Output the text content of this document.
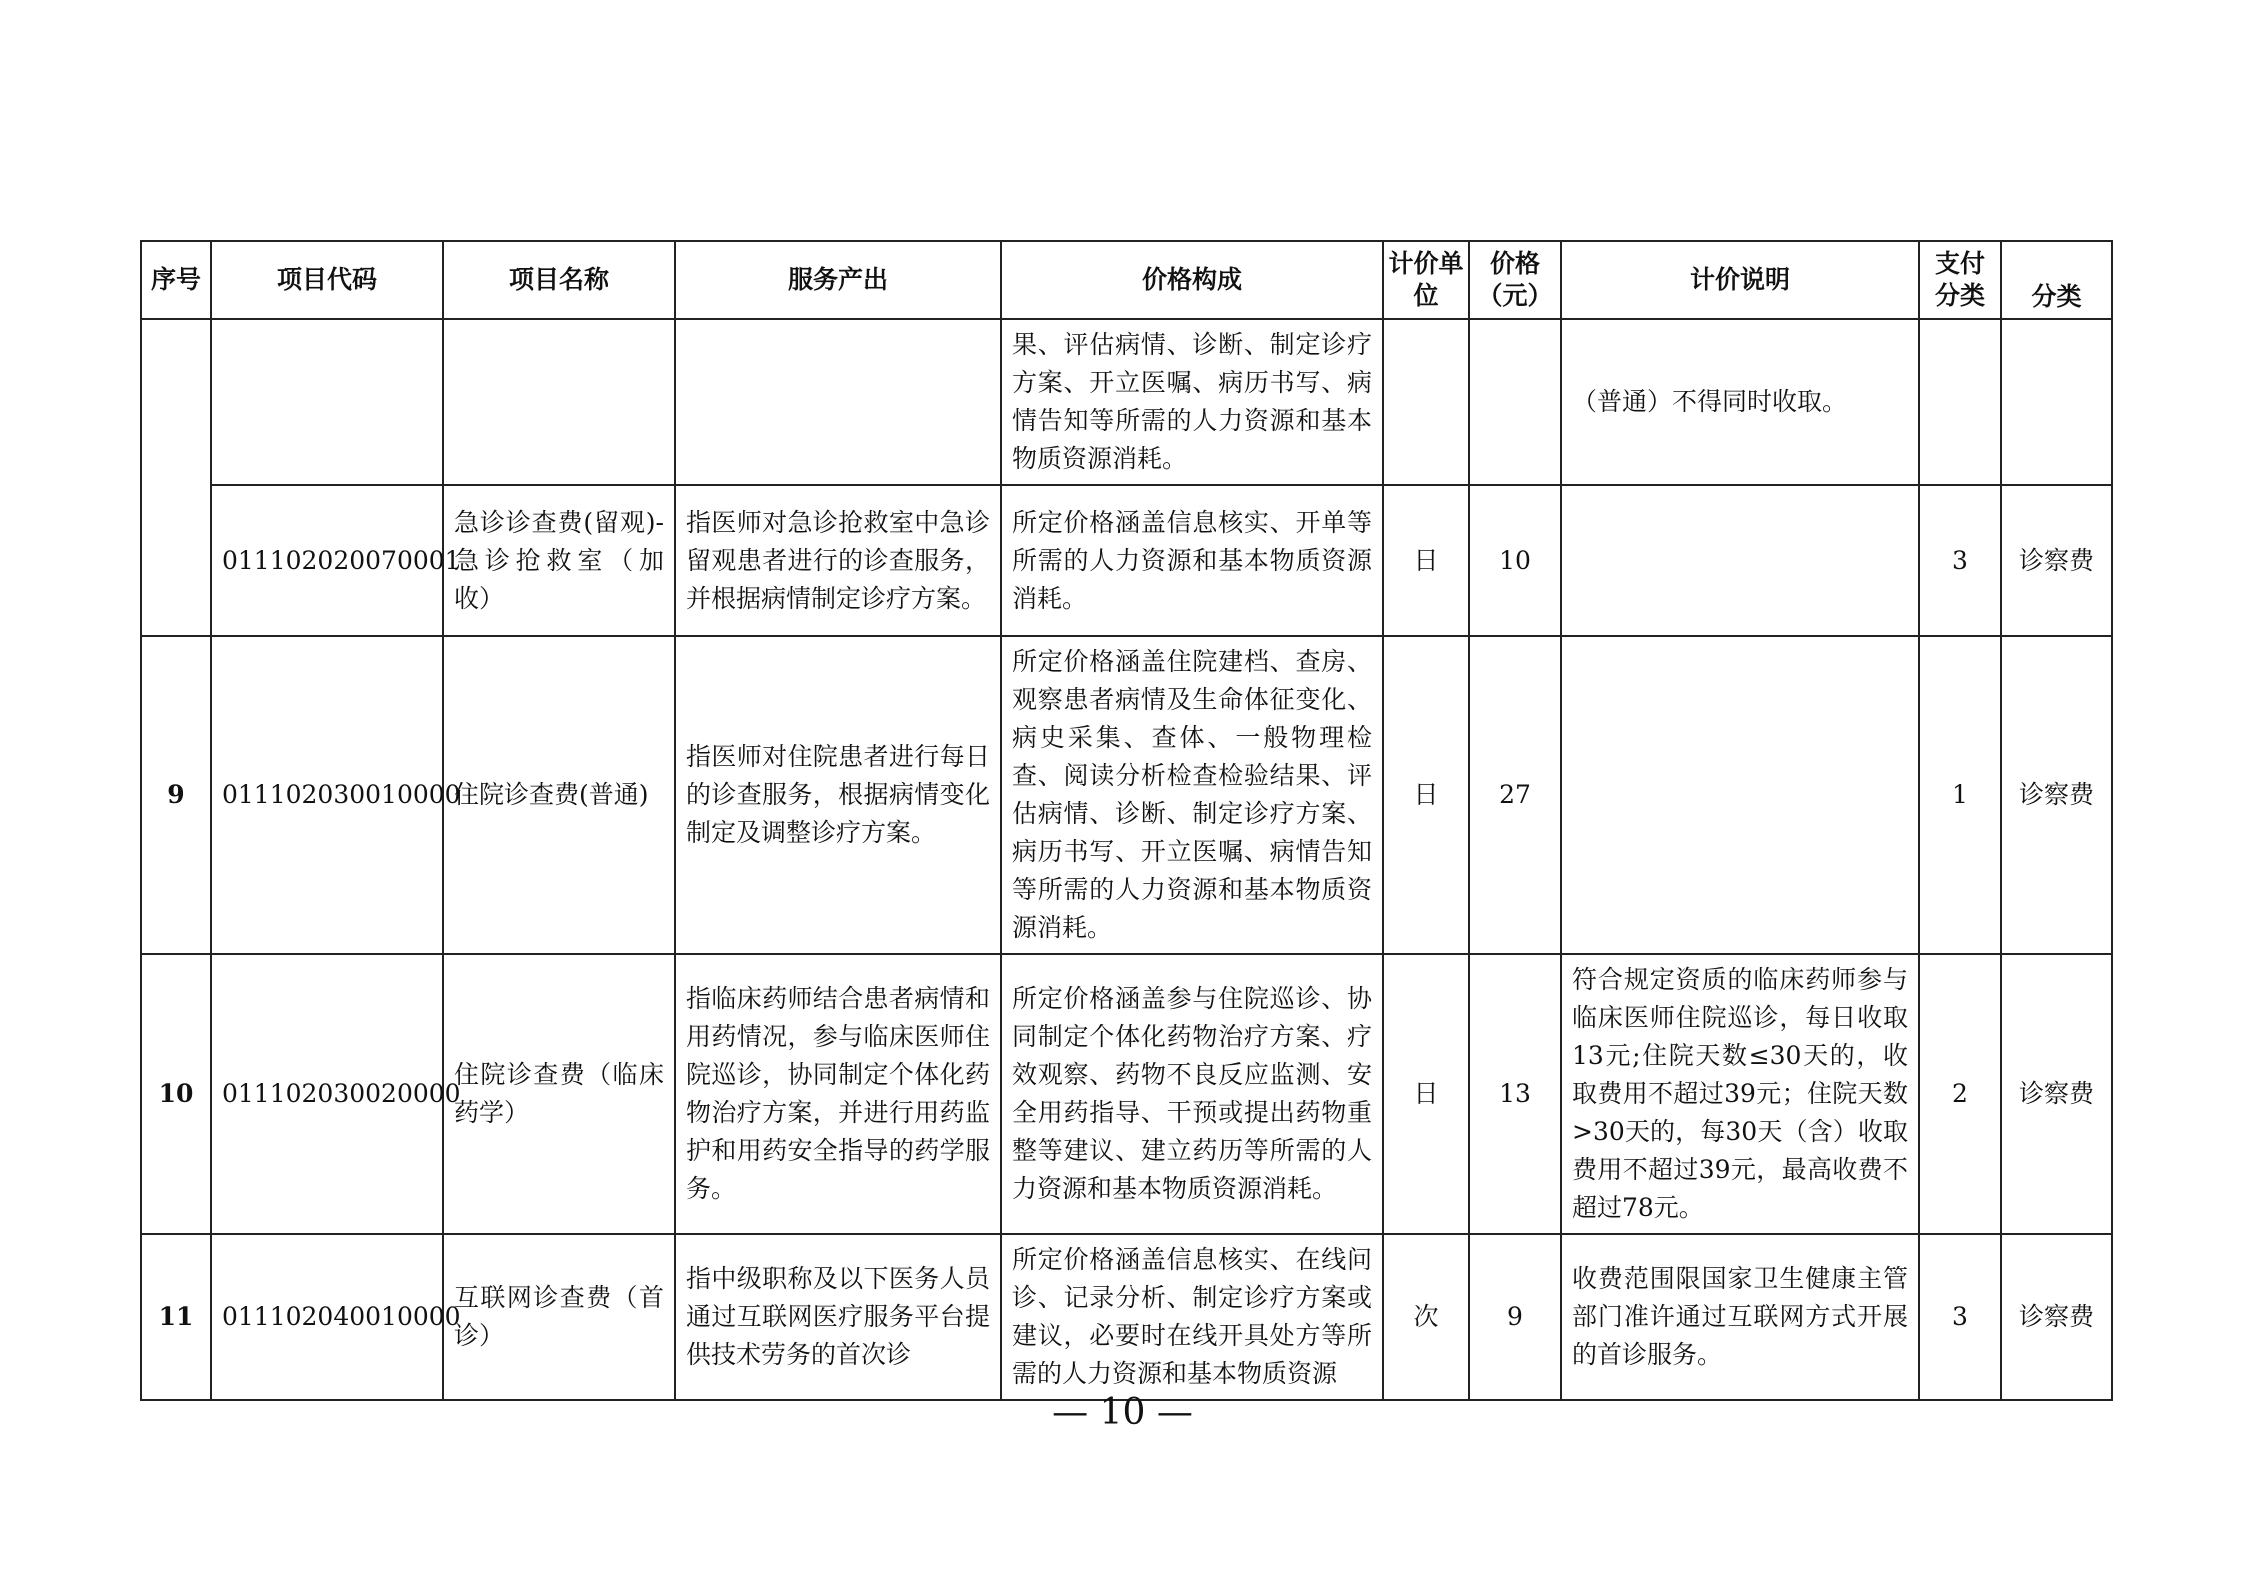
序号	项目代码	项目名称	服务产出	价格构成	计价单位	价格（元）	计价说明	支付分类	分类
				果、评估病情、诊断、制定诊疗方案、开立医嘱、病历书写、病情告知等所需的人力资源和基本物质资源消耗。			（普通）不得同时收取。		
	011102020070001	急诊诊查费(留观)-急诊抢救室（加收）	指医师对急诊抢救室中急诊留观患者进行的诊查服务，并根据病情制定诊疗方案。	所定价格涵盖信息核实、开单等所需的人力资源和基本物质资源消耗。	日	10		3	诊察费
9	011102030010000	住院诊查费(普通)	指医师对住院患者进行每日的诊查服务，根据病情变化制定及调整诊疗方案。	所定价格涵盖住院建档、查房、观察患者病情及生命体征变化、病史采集、查体、一般物理检查、阅读分析检查检验结果、评估病情、诊断、制定诊疗方案、病历书写、开立医嘱、病情告知等所需的人力资源和基本物质资源消耗。	日	27		1	诊察费
10	011102030020000	住院诊查费（临床药学）	指临床药师结合患者病情和用药情况，参与临床医师住院巡诊，协同制定个体化药物治疗方案，并进行用药监护和用药安全指导的药学服务。	所定价格涵盖参与住院巡诊、协同制定个体化药物治疗方案、疗效观察、药物不良反应监测、安全用药指导、干预或提出药物重整等建议、建立药历等所需的人力资源和基本物质资源消耗。	日	13	符合规定资质的临床药师参与临床医师住院巡诊，每日收取13元;住院天数≤30天的，收取费用不超过39元；住院天数>30天的，每30天（含）收取费用不超过39元，最高收费不超过78元。	2	诊察费
11	011102040010000	互联网诊查费（首诊）	指中级职称及以下医务人员通过互联网医疗服务平台提供技术劳务的首次诊	所定价格涵盖信息核实、在线问诊、记录分析、制定诊疗方案或建议，必要时在线开具处方等所需的人力资源和基本物质资源	次	9	收费范围限国家卫生健康主管部门准许通过互联网方式开展的首诊服务。	3	诊察费
— 10 —
